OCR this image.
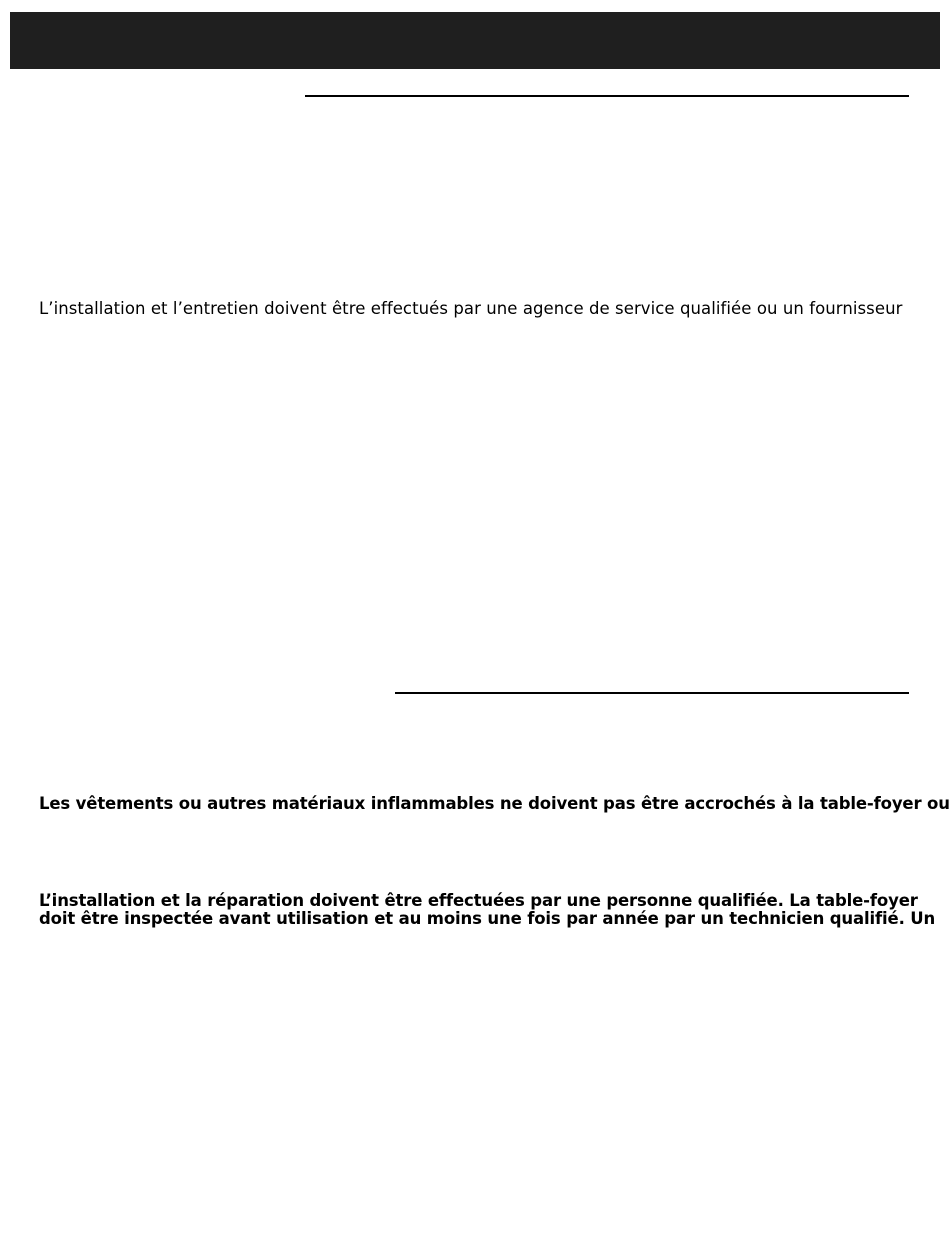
L’installation et l’entretien doivent être effectués par une agence de service qualifiée ou un fournisseur

Les vêtements ou autres matériaux inflammables ne doivent pas être accrochés à la table-foyer ou

L’installation et la réparation doivent être effectuées par une personne qualifiée. La table-foyer

doit être inspectée avant utilisation et au moins une fois par année par un technicien qualifié. Un
